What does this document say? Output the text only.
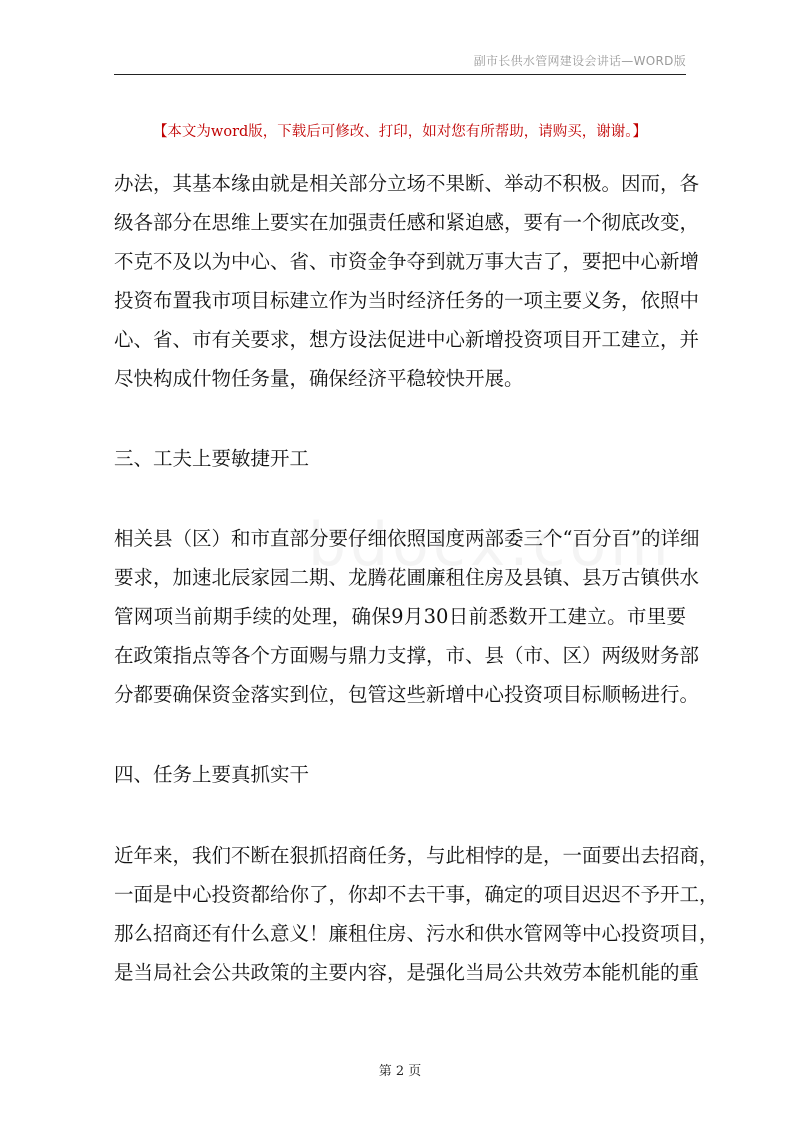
副市长供水管网建设会讲话—WORD版
【本文为word版，下载后可修改、打印，如对您有所帮助，请购买，谢谢。】
办法，其基本缘由就是相关部分立场不果断、举动不积极。因而，各
级各部分在思维上要实在加强责任感和紧迫感，要有一个彻底改变，
不克不及以为中心、省、市资金争夺到就万事大吉了，要把中心新增
投资布置我市项目标建立作为当时经济任务的一项主要义务，依照中
心、省、市有关要求，想方设法促进中心新增投资项目开工建立，并
尽快构成什物任务量，确保经济平稳较快开展。
三、工夫上要敏捷开工
相关县（区）和市直部分要仔细依照国度两部委三个“百分百”的详细
要求，加速北辰家园二期、龙腾花圃廉租住房及县镇、县万古镇供水
管网项当前期手续的处理，确保9月30日前悉数开工建立。市里要
在政策指点等各个方面赐与鼎力支撑，市、县（市、区）两级财务部
分都要确保资金落实到位，包管这些新增中心投资项目标顺畅进行。
四、任务上要真抓实干
近年来，我们不断在狠抓招商任务，与此相悖的是，一面要出去招商，
一面是中心投资都给你了，你却不去干事，确定的项目迟迟不予开工，
那么招商还有什么意义！廉租住房、污水和供水管网等中心投资项目，
是当局社会公共政策的主要内容，是强化当局公共效劳本能机能的重
第 2 页
